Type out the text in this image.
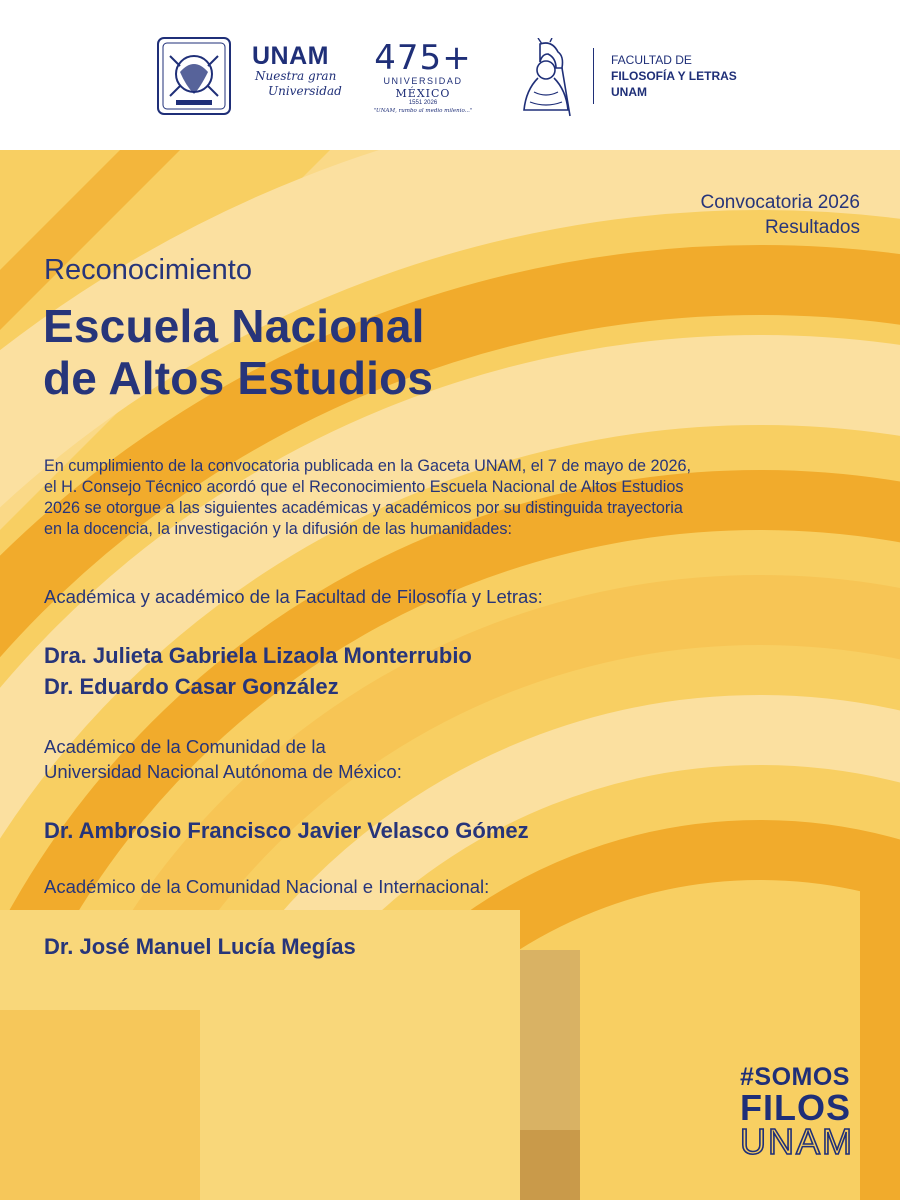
UNAM
Nuestra gran
Universidad
475+
UNIVERSIDAD
MÉXICO
1551 2026
"UNAM, rumbo al medio milenio..."
FACULTAD DE
FILOSOFÍA Y LETRAS
UNAM
Convocatoria 2026
Resultados
Reconocimiento
Escuela Nacional
de Altos Estudios
En cumplimiento de la convocatoria publicada en la Gaceta UNAM, el 7 de mayo de 2026,
el H. Consejo Técnico acordó que el Reconocimiento Escuela Nacional de Altos Estudios
2026 se otorgue a las siguientes académicas y académicos por su distinguida trayectoria
en la docencia, la investigación y la difusión de las humanidades:
Académica y académico de la Facultad de Filosofía y Letras:
Dra. Julieta Gabriela Lizaola Monterrubio
Dr. Eduardo Casar González
Académico de la Comunidad de la
Universidad Nacional Autónoma de México:
Dr. Ambrosio Francisco Javier Velasco Gómez
Académico de la Comunidad Nacional e Internacional:
Dr. José Manuel Lucía Megías
#SOMOS
FILOS
UNAM
